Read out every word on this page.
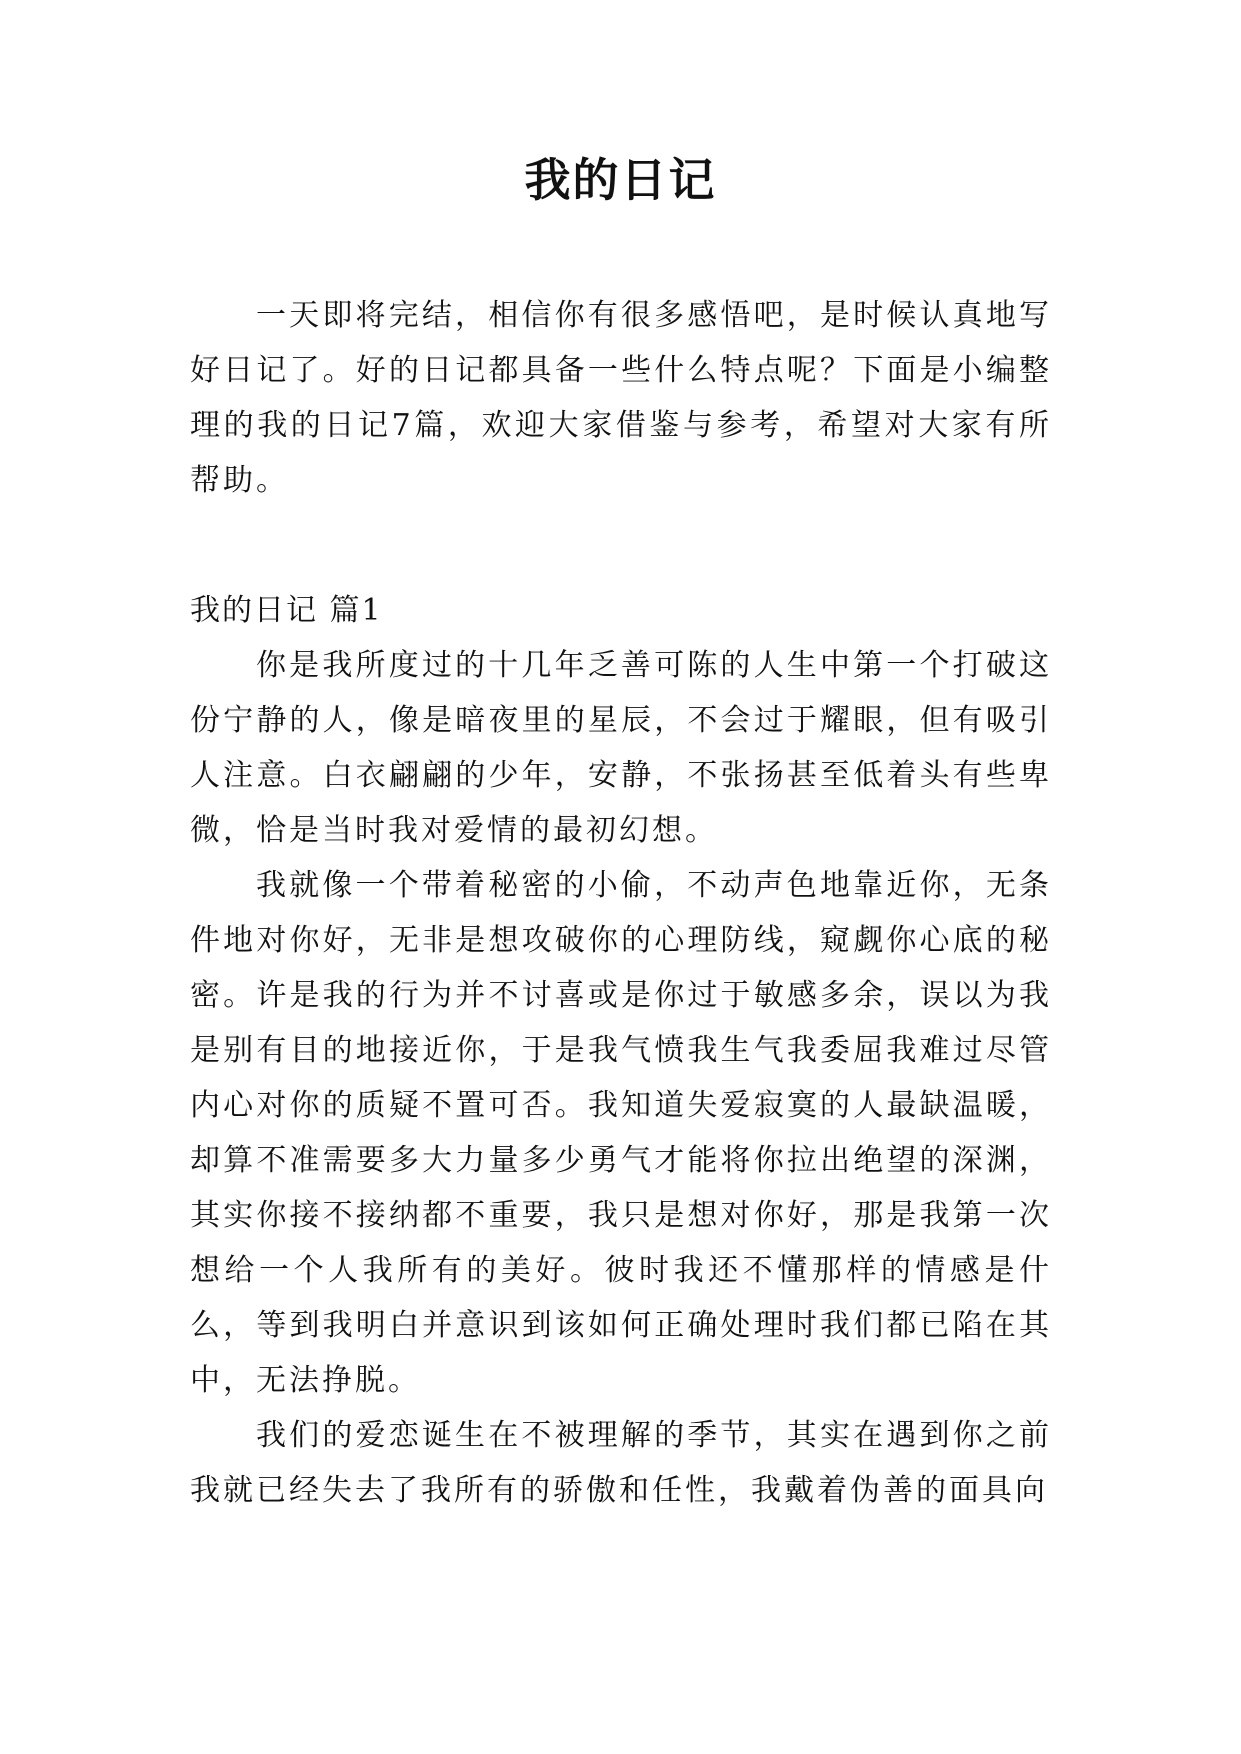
我的日记

一天即将完结，相信你有很多感悟吧，是时候认真地写好日记了。好的日记都具备一些什么特点呢？下面是小编整理的我的日记7篇，欢迎大家借鉴与参考，希望对大家有所帮助。

我的日记 篇1

你是我所度过的十几年乏善可陈的人生中第一个打破这份宁静的人，像是暗夜里的星辰，不会过于耀眼，但有吸引人注意。白衣翩翩的少年，安静，不张扬甚至低着头有些卑微，恰是当时我对爱情的最初幻想。

我就像一个带着秘密的小偷，不动声色地靠近你，无条件地对你好，无非是想攻破你的心理防线，窥觑你心底的秘密。许是我的行为并不讨喜或是你过于敏感多余，误以为我是别有目的地接近你，于是我气愤我生气我委屈我难过尽管内心对你的质疑不置可否。我知道失爱寂寞的人最缺温暖，却算不准需要多大力量多少勇气才能将你拉出绝望的深渊，其实你接不接纳都不重要，我只是想对你好，那是我第一次想给一个人我所有的美好。彼时我还不懂那样的情感是什么，等到我明白并意识到该如何正确处理时我们都已陷在其中，无法挣脱。

我们的爱恋诞生在不被理解的季节，其实在遇到你之前我就已经失去了我所有的骄傲和任性，我戴着伪善的面具向
